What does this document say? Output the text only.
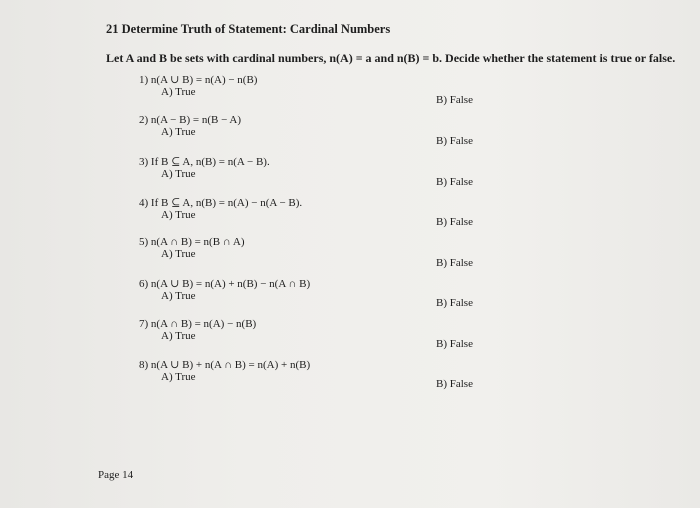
21 Determine Truth of Statement: Cardinal Numbers
Let A and B be sets with cardinal numbers, n(A) = a and n(B) = b. Decide whether the statement is true or false.
1) n(A ∪ B) = n(A) − n(B)
A) True
B) False
2) n(A − B) = n(B − A)
A) True
B) False
3) If B ⊆ A, n(B) = n(A − B).
A) True
B) False
4) If B ⊆ A, n(B) = n(A) − n(A − B).
A) True
B) False
5) n(A ∩ B) = n(B ∩ A)
A) True
B) False
6) n(A ∪ B) = n(A) + n(B) − n(A ∩ B)
A) True
B) False
7) n(A ∩ B) = n(A) − n(B)
A) True
B) False
8) n(A ∪ B) + n(A ∩ B) = n(A) + n(B)
A) True
B) False
Page 14
